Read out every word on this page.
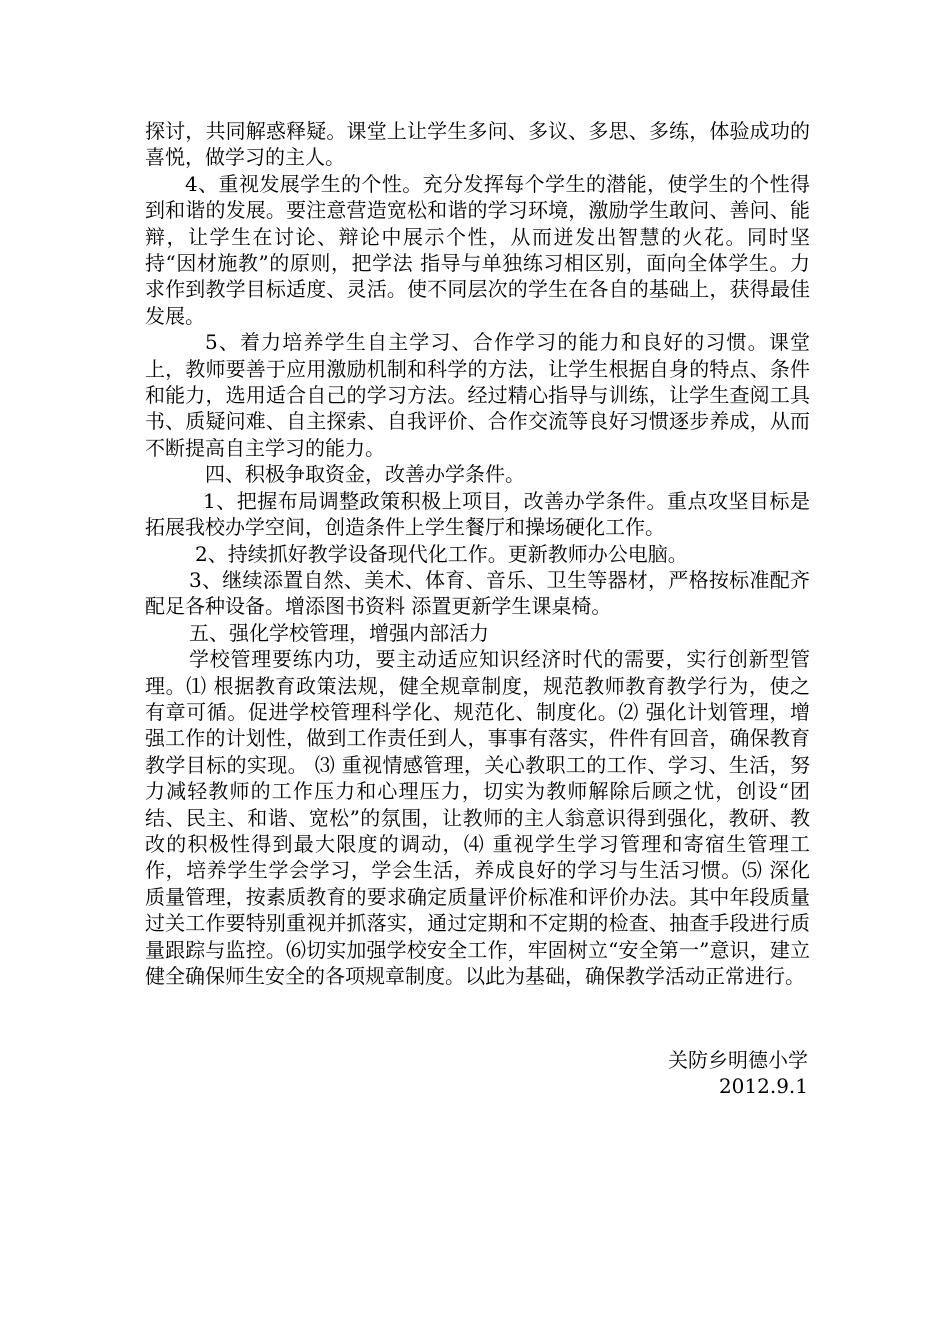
探讨，共同解惑释疑。课堂上让学生多问、多议、多思、多练，体验成功的喜悦，做学习的主人。

4、重视发展学生的个性。充分发挥每个学生的潜能，使学生的个性得到和谐的发展。要注意营造宽松和谐的学习环境，激励学生敢问、善问、能辩，让学生在讨论、辩论中展示个性，从而迸发出智慧的火花。同时坚持“因材施教”的原则，把学法 指导与单独练习相区别，面向全体学生。力求作到教学目标适度、灵活。使不同层次的学生在各自的基础上，获得最佳发展。

5、着力培养学生自主学习、合作学习的能力和良好的习惯。课堂上，教师要善于应用激励机制和科学的方法，让学生根据自身的特点、条件和能力，选用适合自己的学习方法。经过精心指导与训练，让学生查阅工具书、质疑问难、自主探索、自我评价、合作交流等良好习惯逐步养成，从而不断提高自主学习的能力。

四、积极争取资金，改善办学条件。

1、把握布局调整政策积极上项目，改善办学条件。重点攻坚目标是拓展我校办学空间，创造条件上学生餐厅和操场硬化工作。

2、持续抓好教学设备现代化工作。更新教师办公电脑。

3、继续添置自然、美术、体育、音乐、卫生等器材，严格按标准配齐配足各种设备。增添图书资料 添置更新学生课桌椅。

五、强化学校管理，增强内部活力

学校管理要练内功，要主动适应知识经济时代的需要，实行创新型管理。⑴ 根据教育政策法规，健全规章制度，规范教师教育教学行为，使之有章可循。促进学校管理科学化、规范化、制度化。⑵ 强化计划管理，增强工作的计划性，做到工作责任到人，事事有落实，件件有回音，确保教育教学目标的实现。 ⑶ 重视情感管理，关心教职工的工作、学习、生活，努力减轻教师的工作压力和心理压力，切实为教师解除后顾之忧，创设“团结、民主、和谐、宽松”的氛围，让教师的主人翁意识得到强化，教研、教改的积极性得到最大限度的调动，⑷ 重视学生学习管理和寄宿生管理工作，培养学生学会学习，学会生活，养成良好的学习与生活习惯。⑸ 深化质量管理，按素质教育的要求确定质量评价标准和评价办法。其中年段质量过关工作要特别重视并抓落实，通过定期和不定期的检查、抽查手段进行质量跟踪与监控。⑹切实加强学校安全工作，牢固树立“安全第一”意识，建立健全确保师生安全的各项规章制度。以此为基础，确保教学活动正常进行。

关防乡明德小学
2012.9.1
